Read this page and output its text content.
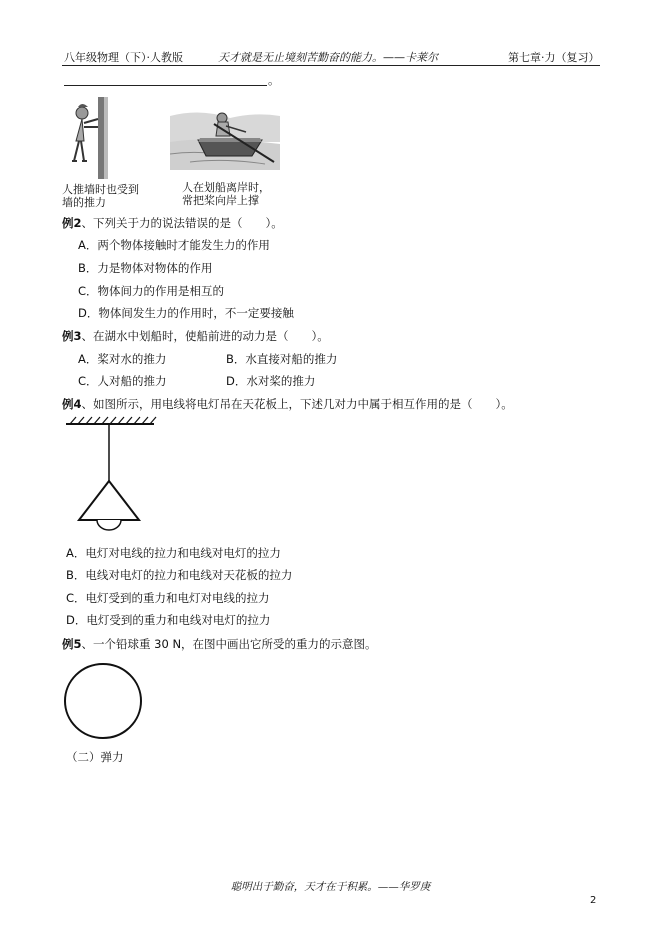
八年级物理（下）·人教版	天才就是无止境刻苦勤奋的能力。——卡莱尔	第七章·力（复习）
。
人推墙时也受到
墙的推力
人在划船离岸时，
常把桨向岸上撑
例2、下列关于力的说法错误的是（　　）。
A．两个物体接触时才能发生力的作用
B．力是物体对物体的作用
C．物体间力的作用是相互的
D．物体间发生力的作用时，不一定要接触
例3、在湖水中划船时，使船前进的动力是（　　）。
A．桨对水的推力	B．水直接对船的推力
C．人对船的推力	D．水对桨的推力
例4、如图所示，用电线将电灯吊在天花板上，下述几对力中属于相互作用的是（　　）。
A．电灯对电线的拉力和电线对电灯的拉力
B．电线对电灯的拉力和电线对天花板的拉力
C．电灯受到的重力和电灯对电线的拉力
D．电灯受到的重力和电线对电灯的拉力
例5、一个铅球重 30 N，在图中画出它所受的重力的示意图。
（二）弹力
聪明出于勤奋，天才在于积累。——华罗庚
2
